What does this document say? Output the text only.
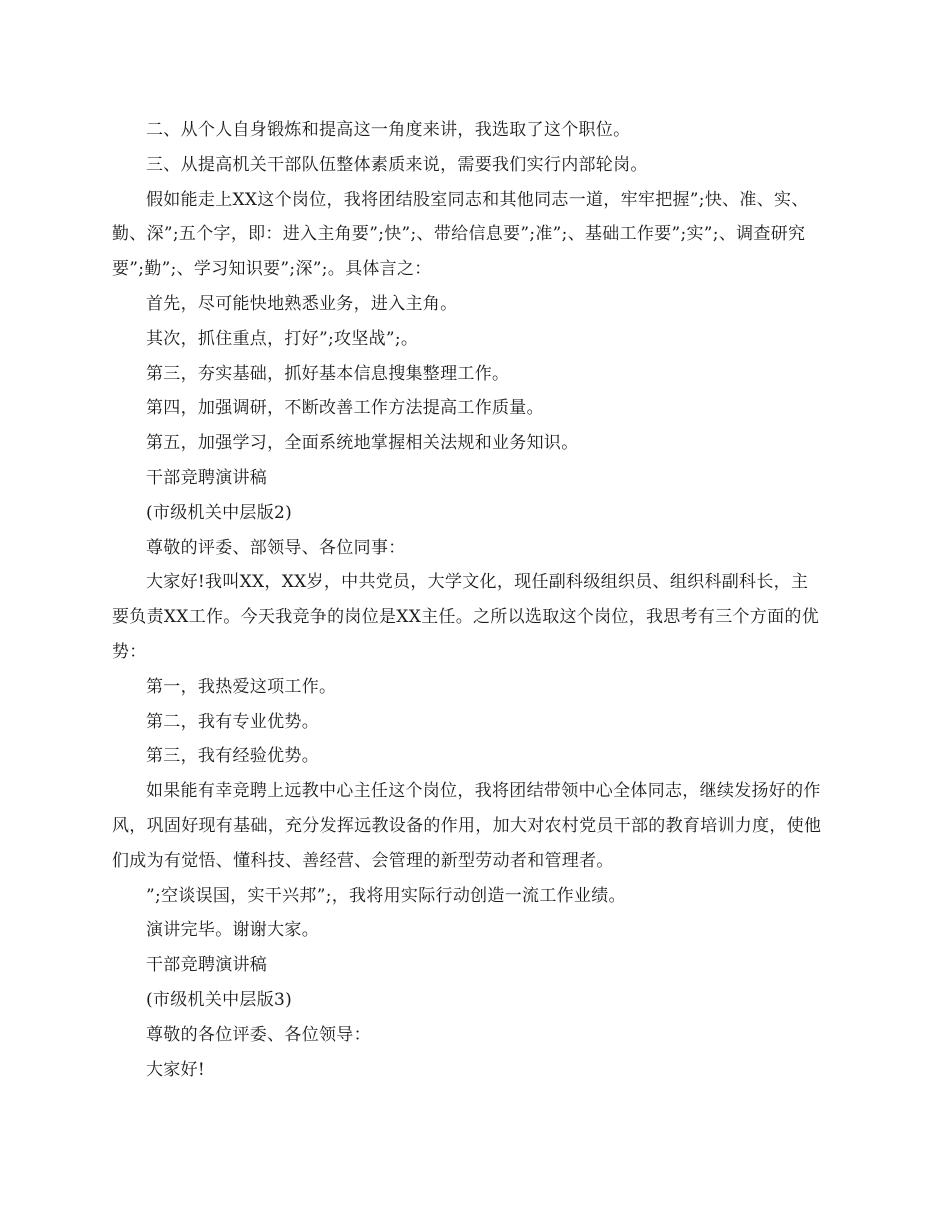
二、从个人自身锻炼和提高这一角度来讲，我选取了这个职位。

三、从提高机关干部队伍整体素质来说，需要我们实行内部轮岗。

假如能走上XX这个岗位，我将团结股室同志和其他同志一道，牢牢把握”;快、准、实、勤、深”;五个字，即：进入主角要”;快”;、带给信息要”;准”;、基础工作要”;实”;、调查研究要”;勤”;、学习知识要”;深”;。具体言之：

首先，尽可能快地熟悉业务，进入主角。

其次，抓住重点，打好”;攻坚战”;。

第三，夯实基础，抓好基本信息搜集整理工作。

第四，加强调研，不断改善工作方法提高工作质量。

第五，加强学习，全面系统地掌握相关法规和业务知识。

干部竞聘演讲稿

(市级机关中层版2)

尊敬的评委、部领导、各位同事：

大家好!我叫XX，XX岁，中共党员，大学文化，现任副科级组织员、组织科副科长，主要负责XX工作。今天我竞争的岗位是XX主任。之所以选取这个岗位，我思考有三个方面的优势：

第一，我热爱这项工作。

第二，我有专业优势。

第三，我有经验优势。

如果能有幸竞聘上远教中心主任这个岗位，我将团结带领中心全体同志，继续发扬好的作风，巩固好现有基础，充分发挥远教设备的作用，加大对农村党员干部的教育培训力度，使他们成为有觉悟、懂科技、善经营、会管理的新型劳动者和管理者。

”;空谈误国，实干兴邦”;，我将用实际行动创造一流工作业绩。

演讲完毕。谢谢大家。

干部竞聘演讲稿

(市级机关中层版3)

尊敬的各位评委、各位领导：

大家好!
